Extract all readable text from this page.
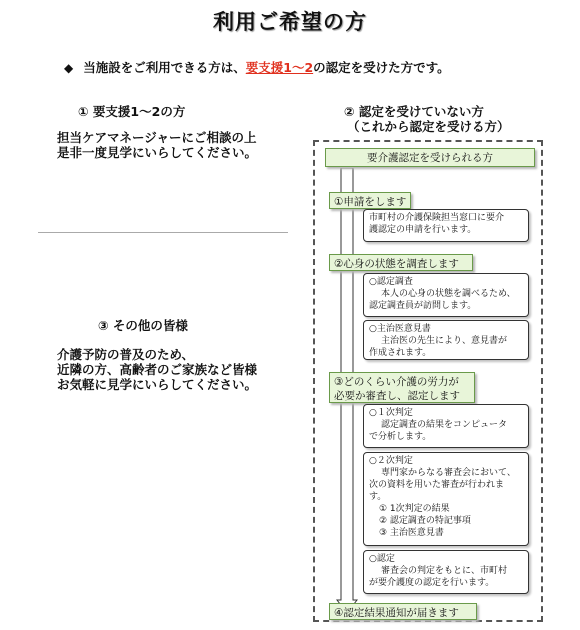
利用ご希望の方
◆ 当施設をご利用できる方は、要支援1～2の認定を受けた方です。
① 要支援1～2の方
担当ケアマネージャーにご相談の上
是非一度見学にいらしてください。
③ その他の皆様
介護予防の普及のため、
近隣の方、高齢者のご家族など皆様
お気軽に見学にいらしてください。
② 認定を受けていない方
（これから認定を受ける方）
要介護認定を受けられる方
①申請をします
市町村の介護保険担当窓口に要介
護認定の申請を行います。
②心身の状態を調査します
○認定調査
本人の心身の状態を調べるため、
認定調査員が訪問します。
○主治医意見書
主治医の先生により、意見書が
作成されます。
③どのくらい介護の労力が
必要か審査し、認定します
○１次判定
認定調査の結果をコンピュータ
で分析します。
○２次判定
専門家からなる審査会において、
次の資料を用いた審査が行われま
す。
① 1次判定の結果
② 認定調査の特記事項
③ 主治医意見書
○認定
審査会の判定をもとに、市町村
が要介護度の認定を行います。
④認定結果通知が届きます
